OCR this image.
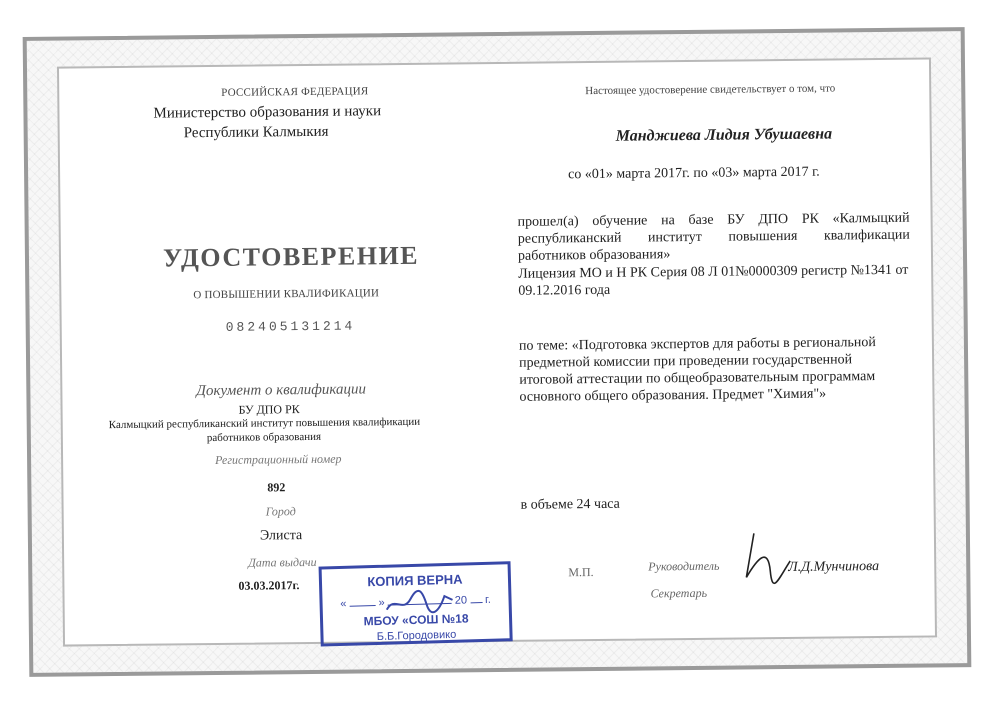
РОССИЙСКАЯ ФЕДЕРАЦИЯ

Министерство образования и науки

Республики Калмыкия

УДОСТОВЕРЕНИЕ

О ПОВЫШЕНИИ КВАЛИФИКАЦИИ

082405131214

Документ о квалификации

БУ ДПО РК

Калмыцкий республиканский институт повышения квалификации

работников образования

Регистрационный номер

892

Город

Элиста

Дата выдачи

03.03.2017г.	КОПИЯ ВЕРНА
«	»	20 г.
МБОУ «СОШ №18
Б.Б.Городовико

Настоящее удостоверение свидетельствует о том, что

Манджиева Лидия Убушаевна

со «01» марта 2017г. по «03» марта 2017 г.

прошел(а) обучение на базе БУ ДПО РК «Калмыцкий республиканский институт повышения квалификации работников образования»

Лицензия МО и Н РК Серия 08 Л 01№0000309 регистр №1341 от 09.12.2016 года

по теме: «Подготовка экспертов для работы в региональной предметной комиссии при проведении государственной итоговой аттестации по общеобразовательным программам основного общего образования. Предмет "Химия"»

в объеме 24 часа

М.П.	Руководитель	Л.Д.Мунчинова

Секретарь
